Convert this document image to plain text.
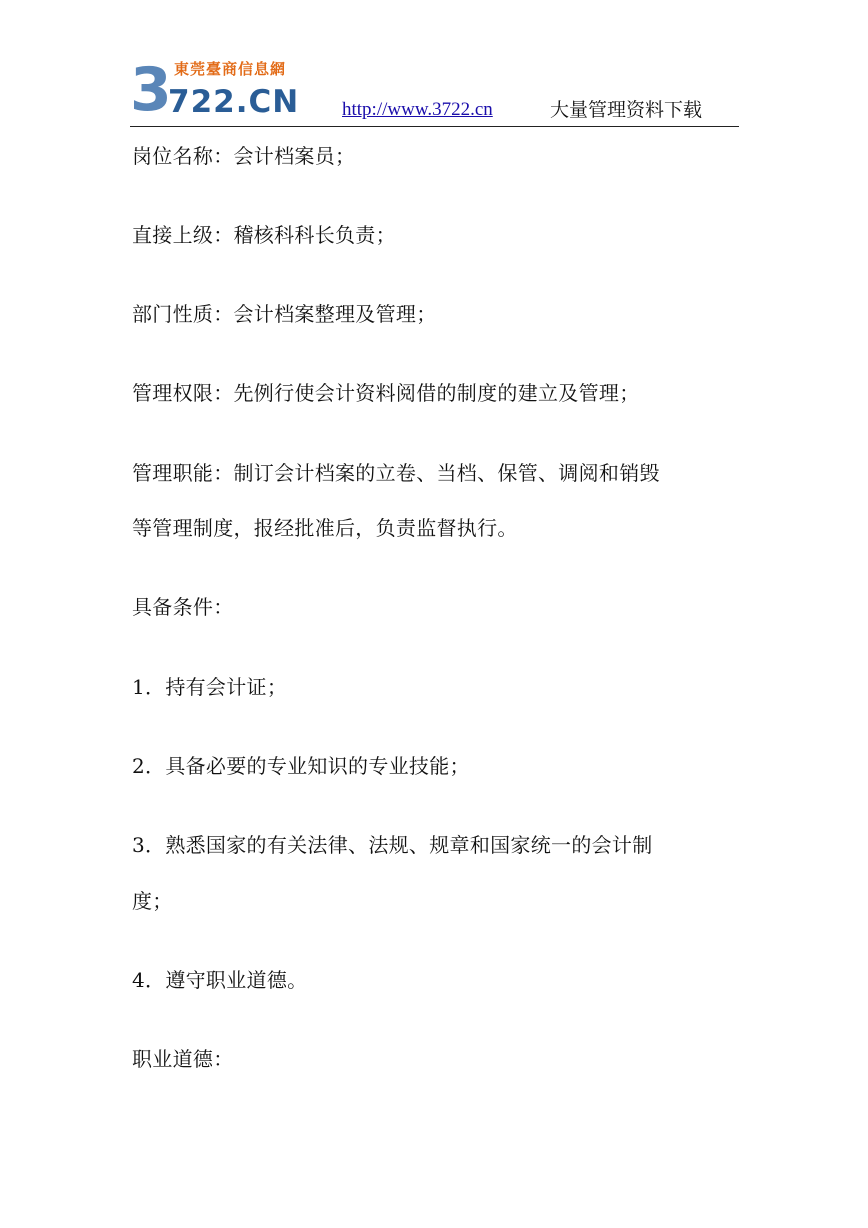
3 東莞臺商信息網
722.CN http://www.3722.cn	大量管理资料下载
岗位名称：会计档案员；
直接上级：稽核科科长负责；
部门性质：会计档案整理及管理；
管理权限：先例行使会计资料阅借的制度的建立及管理；
管理职能：制订会计档案的立卷、当档、保管、调阅和销毁
等管理制度，报经批准后，负责监督执行。
具备条件：
1．持有会计证；
2．具备必要的专业知识的专业技能；
3．熟悉国家的有关法律、法规、规章和国家统一的会计制
度；
4．遵守职业道德。
职业道德：
